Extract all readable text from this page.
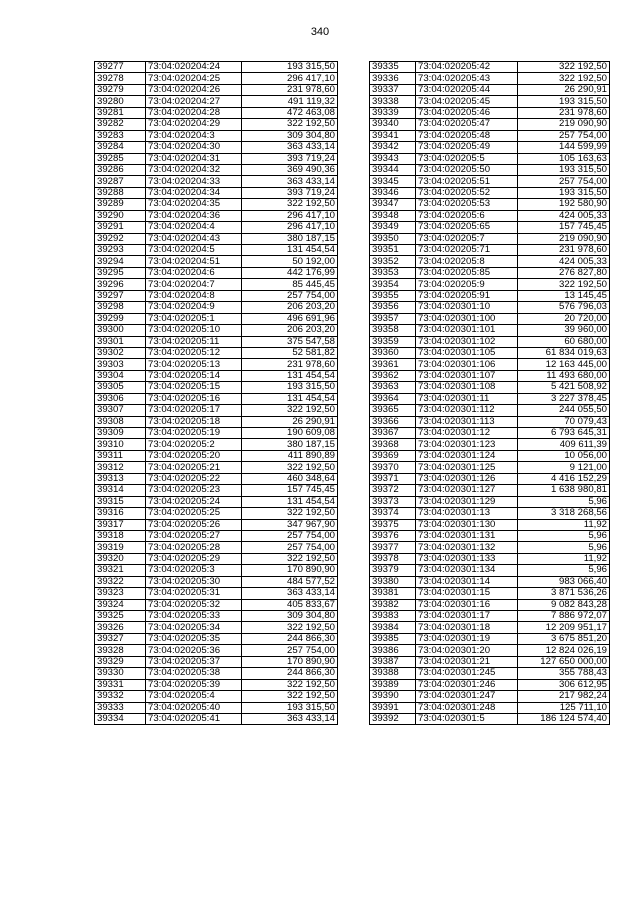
340
39277	73:04:020204:24	193 315,50
39278	73:04:020204:25	296 417,10
39279	73:04:020204:26	231 978,60
39280	73:04:020204:27	491 119,32
39281	73:04:020204:28	472 463,08
39282	73:04:020204:29	322 192,50
39283	73:04:020204:3	309 304,80
39284	73:04:020204:30	363 433,14
39285	73:04:020204:31	393 719,24
39286	73:04:020204:32	369 490,36
39287	73:04:020204:33	363 433,14
39288	73:04:020204:34	393 719,24
39289	73:04:020204:35	322 192,50
39290	73:04:020204:36	296 417,10
39291	73:04:020204:4	296 417,10
39292	73:04:020204:43	380 187,15
39293	73:04:020204:5	131 454,54
39294	73:04:020204:51	50 192,00
39295	73:04:020204:6	442 176,99
39296	73:04:020204:7	85 445,45
39297	73:04:020204:8	257 754,00
39298	73:04:020204:9	206 203,20
39299	73:04:020205:1	496 691,96
39300	73:04:020205:10	206 203,20
39301	73:04:020205:11	375 547,58
39302	73:04:020205:12	52 581,82
39303	73:04:020205:13	231 978,60
39304	73:04:020205:14	131 454,54
39305	73:04:020205:15	193 315,50
39306	73:04:020205:16	131 454,54
39307	73:04:020205:17	322 192,50
39308	73:04:020205:18	26 290,91
39309	73:04:020205:19	190 609,08
39310	73:04:020205:2	380 187,15
39311	73:04:020205:20	411 890,89
39312	73:04:020205:21	322 192,50
39313	73:04:020205:22	460 348,64
39314	73:04:020205:23	157 745,45
39315	73:04:020205:24	131 454,54
39316	73:04:020205:25	322 192,50
39317	73:04:020205:26	347 967,90
39318	73:04:020205:27	257 754,00
39319	73:04:020205:28	257 754,00
39320	73:04:020205:29	322 192,50
39321	73:04:020205:3	170 890,90
39322	73:04:020205:30	484 577,52
39323	73:04:020205:31	363 433,14
39324	73:04:020205:32	405 833,67
39325	73:04:020205:33	309 304,80
39326	73:04:020205:34	322 192,50
39327	73:04:020205:35	244 866,30
39328	73:04:020205:36	257 754,00
39329	73:04:020205:37	170 890,90
39330	73:04:020205:38	244 866,30
39331	73:04:020205:39	322 192,50
39332	73:04:020205:4	322 192,50
39333	73:04:020205:40	193 315,50
39334	73:04:020205:41	363 433,14
39335	73:04:020205:42	322 192,50
39336	73:04:020205:43	322 192,50
39337	73:04:020205:44	26 290,91
39338	73:04:020205:45	193 315,50
39339	73:04:020205:46	231 978,60
39340	73:04:020205:47	219 090,90
39341	73:04:020205:48	257 754,00
39342	73:04:020205:49	144 599,99
39343	73:04:020205:5	105 163,63
39344	73:04:020205:50	193 315,50
39345	73:04:020205:51	257 754,00
39346	73:04:020205:52	193 315,50
39347	73:04:020205:53	192 580,90
39348	73:04:020205:6	424 005,33
39349	73:04:020205:65	157 745,45
39350	73:04:020205:7	219 090,90
39351	73:04:020205:71	231 978,60
39352	73:04:020205:8	424 005,33
39353	73:04:020205:85	276 827,80
39354	73:04:020205:9	322 192,50
39355	73:04:020205:91	13 145,45
39356	73:04:020301:10	576 796,03
39357	73:04:020301:100	20 720,00
39358	73:04:020301:101	39 960,00
39359	73:04:020301:102	60 680,00
39360	73:04:020301:105	61 834 019,63
39361	73:04:020301:106	12 163 445,00
39362	73:04:020301:107	11 493 680,00
39363	73:04:020301:108	5 421 508,92
39364	73:04:020301:11	3 227 378,45
39365	73:04:020301:112	244 055,50
39366	73:04:020301:113	70 079,43
39367	73:04:020301:12	6 793 645,31
39368	73:04:020301:123	409 611,39
39369	73:04:020301:124	10 056,00
39370	73:04:020301:125	9 121,00
39371	73:04:020301:126	4 416 152,29
39372	73:04:020301:127	1 638 980,81
39373	73:04:020301:129	5,96
39374	73:04:020301:13	3 318 268,56
39375	73:04:020301:130	11,92
39376	73:04:020301:131	5,96
39377	73:04:020301:132	5,96
39378	73:04:020301:133	11,92
39379	73:04:020301:134	5,96
39380	73:04:020301:14	983 066,40
39381	73:04:020301:15	3 871 536,26
39382	73:04:020301:16	9 082 843,28
39383	73:04:020301:17	7 886 972,07
39384	73:04:020301:18	12 209 951,17
39385	73:04:020301:19	3 675 851,20
39386	73:04:020301:20	12 824 026,19
39387	73:04:020301:21	127 650 000,00
39388	73:04:020301:245	355 788,43
39389	73:04:020301:246	306 612,95
39390	73:04:020301:247	217 982,24
39391	73:04:020301:248	125 711,10
39392	73:04:020301:5	186 124 574,40
